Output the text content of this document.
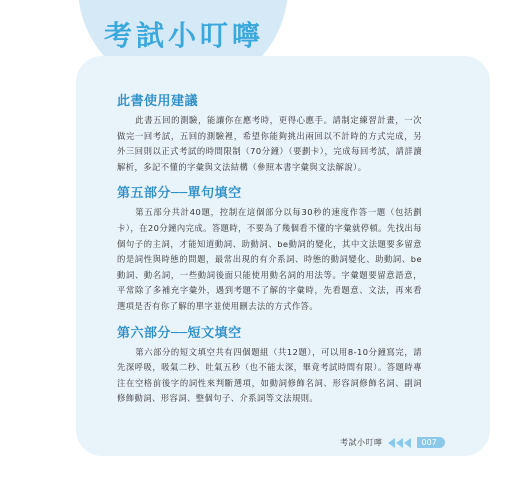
考試小叮嚀
此書使用建議

此書五回的測驗，能讓你在應考時，更得心應手。請制定練習計畫，一次做完一回考試，五回的測驗裡，希望你能夠挑出兩回以不計時的方式完成，另外三回則以正式考試的時間限制（70分鐘）（要劃卡），完成每回考試，請詳讀解析，多記不懂的字彙與文法結構（參照本書字彙與文法解說）。

第五部分──單句填空

第五部分共計40題，控制在這個部分以每30秒的速度作答一題（包括劃卡），在20分鐘內完成。答題時，不要為了幾個看不懂的字彙就停頓。先找出每個句子的主詞，才能知道動詞、助動詞、be動詞的變化，其中文法題要多留意的是詞性與時態的問題，最常出現的有介系詞、時態的動詞變化、助動詞、be動詞、動名詞，一些動詞後面只能使用動名詞的用法等。字彙題要留意語意，平常除了多補充字彙外，遇到考題不了解的字彙時，先看題意、文法，再來看選項是否有你了解的單字並使用刪去法的方式作答。

第六部分──短文填空

第六部分的短文填空共有四個題組（共12題），可以用8-10分鐘寫完，請先深呼吸，吸氣二秒、吐氣五秒（也不能太深，畢竟考試時間有限）。答題時專注在空格前後字的詞性來判斷選項，如動詞修飾名詞、形容詞修飾名詞、副詞修飾動詞、形容詞、整個句子、介系詞等文法規則。

考試小叮嚀	007
